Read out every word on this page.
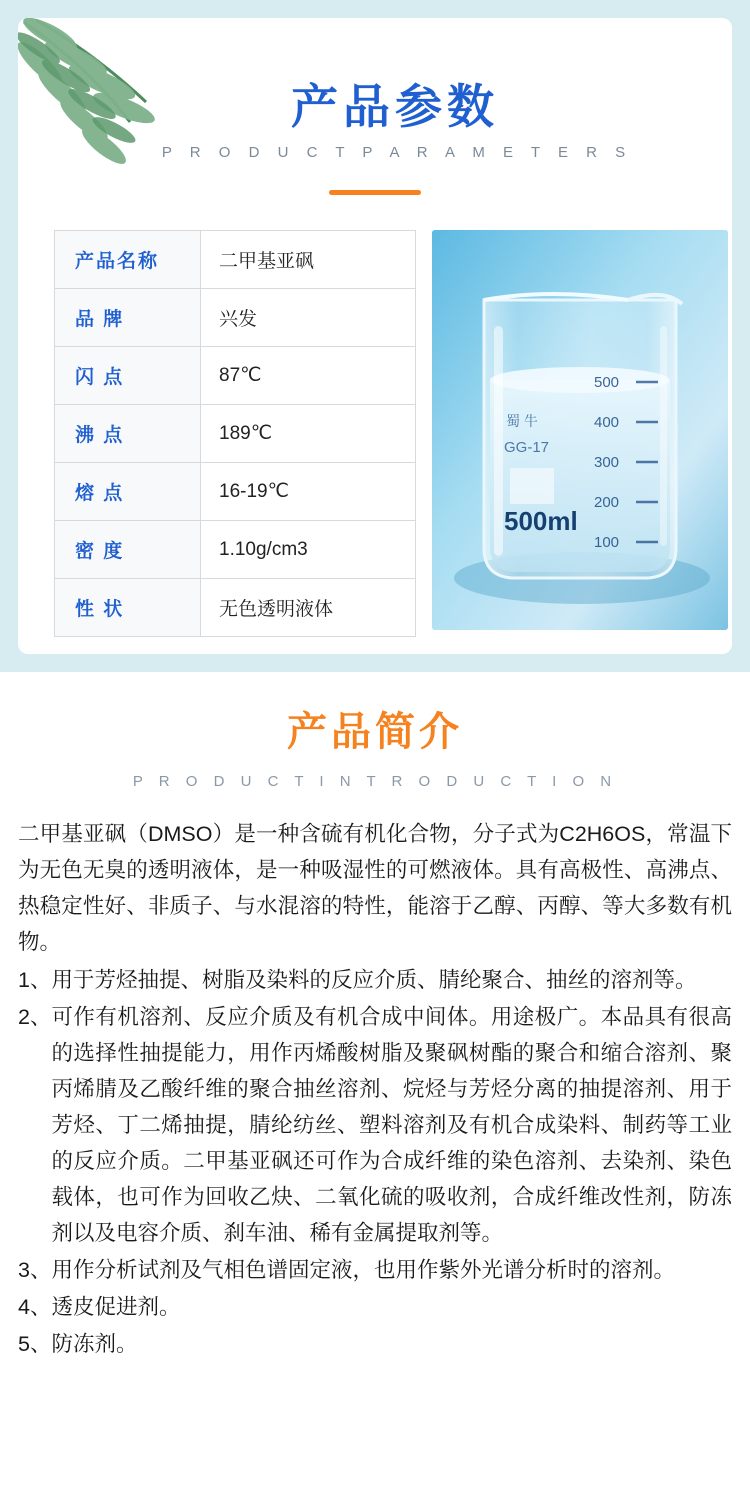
产品参数
P R O D U C T P A R A M E T E R S
产品名称	二甲基亚砜
品 牌	兴发
闪 点	87℃
沸 点	189℃
熔 点	16-19℃
密 度	1.10g/cm3
性 状	无色透明液体
500
400
300
200
100
蜀 牛
GG-17
500ml
产品简介
P R O D U C T I N T R O D U C T I O N
二甲基亚砜（DMSO）是一种含硫有机化合物，分子式为C2H6OS，常温下为无色无臭的透明液体，是一种吸湿性的可燃液体。具有高极性、高沸点、热稳定性好、非质子、与水混溶的特性，能溶于乙醇、丙醇、等大多数有机物。
1、 用于芳烃抽提、树脂及染料的反应介质、腈纶聚合、抽丝的溶剂等。
2、 可作有机溶剂、反应介质及有机合成中间体。用途极广。本品具有很高的选择性抽提能力，用作丙烯酸树脂及聚砜树酯的聚合和缩合溶剂、聚丙烯腈及乙酸纤维的聚合抽丝溶剂、烷烃与芳烃分离的抽提溶剂、用于芳烃、丁二烯抽提，腈纶纺丝、塑料溶剂及有机合成染料、制药等工业的反应介质。二甲基亚砜还可作为合成纤维的染色溶剂、去染剂、染色载体，也可作为回收乙炔、二氧化硫的吸收剂，合成纤维改性剂，防冻剂以及电容介质、刹车油、稀有金属提取剂等。
3、 用作分析试剂及气相色谱固定液，也用作紫外光谱分析时的溶剂。
4、 透皮促进剂。
5、 防冻剂。
